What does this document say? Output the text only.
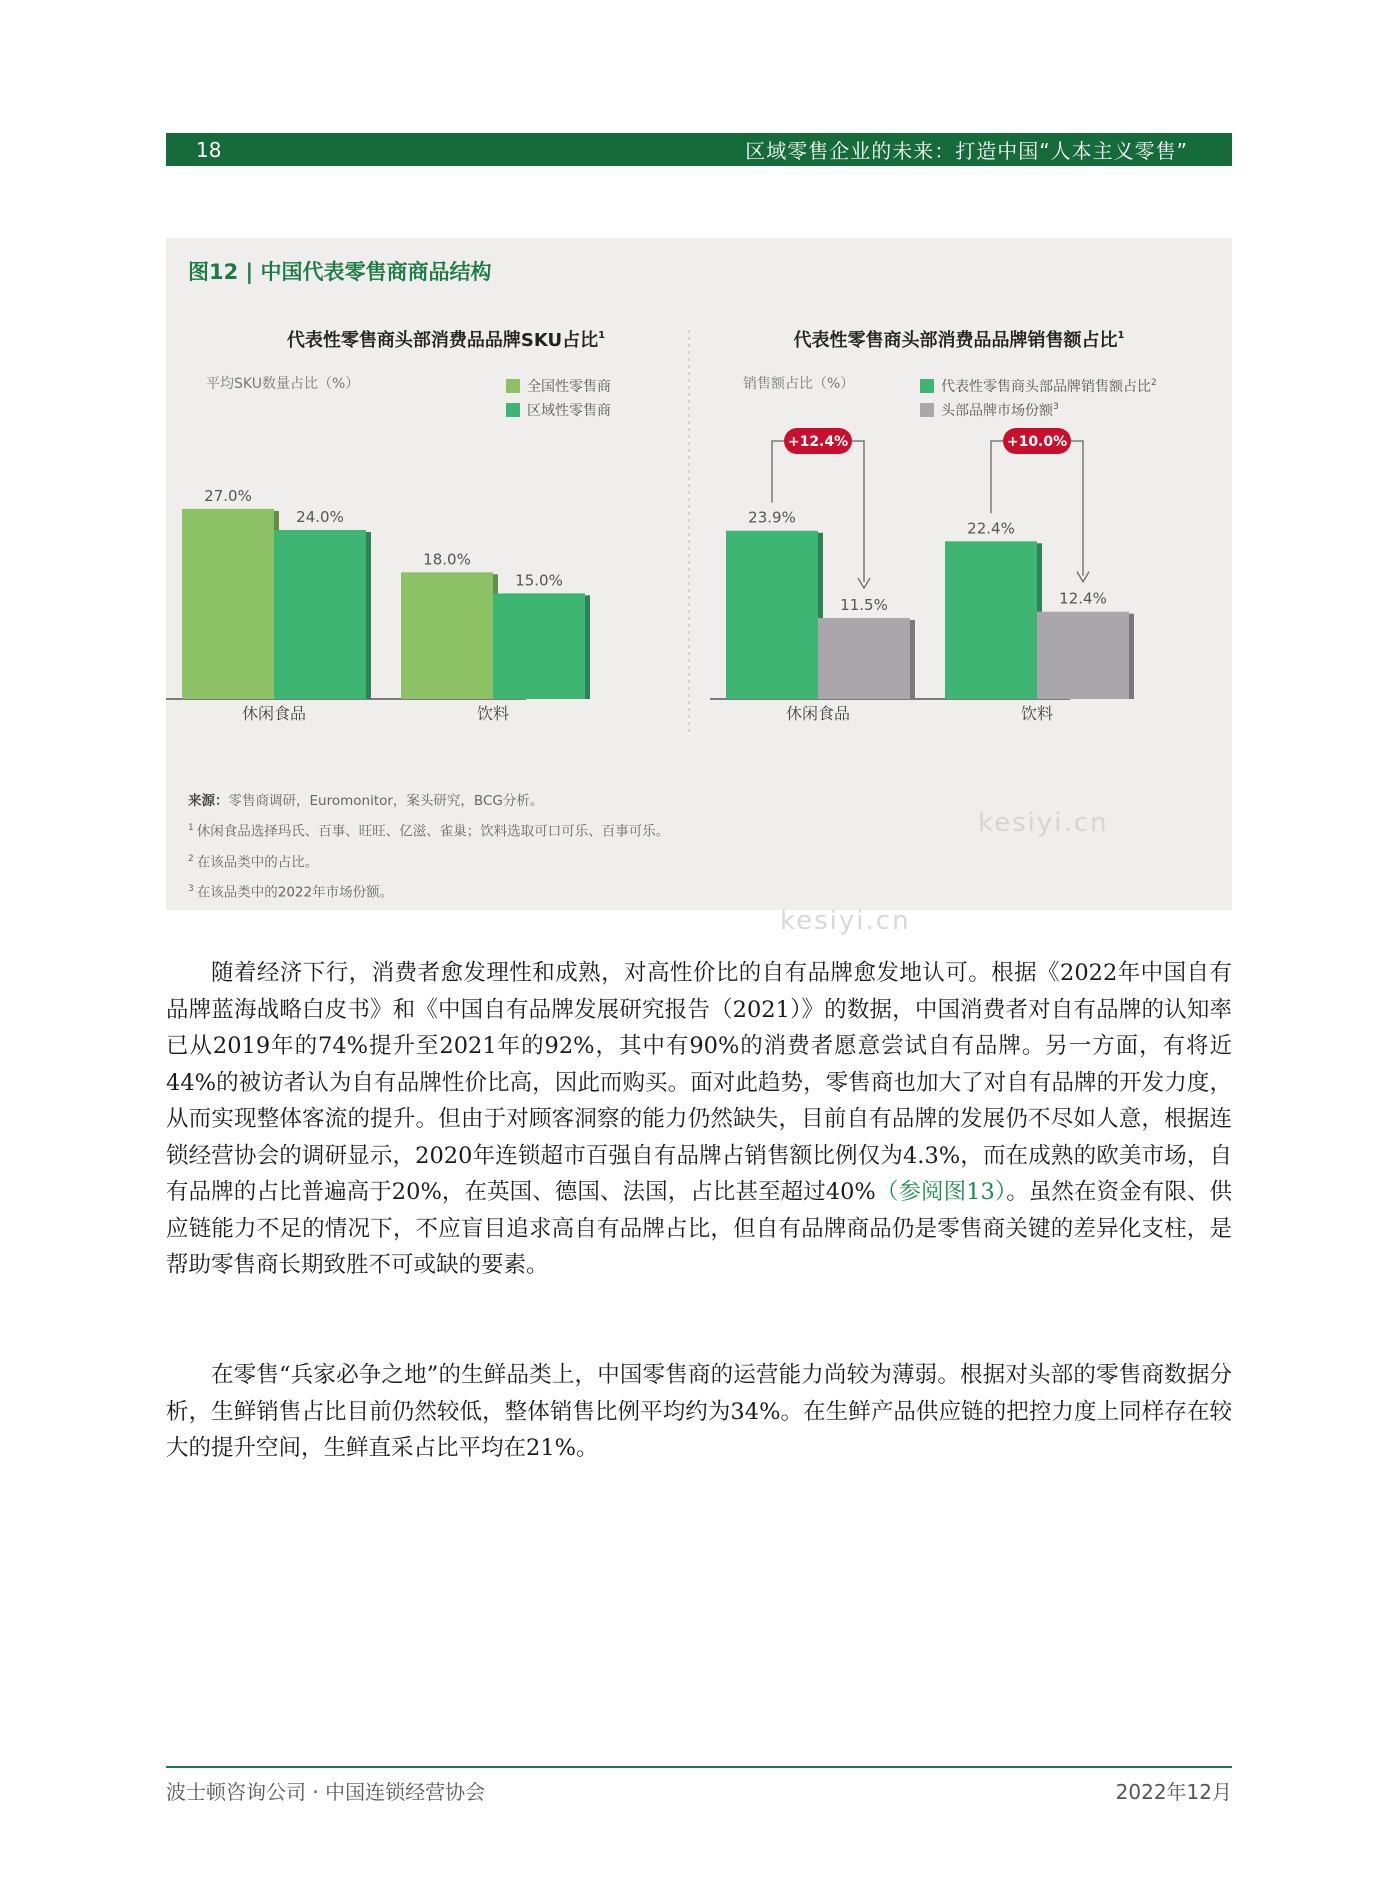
18	区域零售企业的未来：打造中国“人本主义零售”
图12 | 中国代表零售商商品结构
代表性零售商头部消费品品牌SKU占比$^1$
平均SKU数量占比（%）	全国性零售商
区域性零售商
27.0%
24.0%
休闲食品
18.0%
15.0%
饮料
代表性零售商头部消费品品牌销售额占比$^1$
销售额占比（%）	代表性零售商头部品牌销售额占比$^2$
头部品牌市场份额$^3$
23.9%
11.5%
休闲食品
22.4%
12.4%
饮料
+12.4%	+10.0%
来源：零售商调研，Euromonitor，案头研究，BCG分析。
$^1$ 休闲食品选择玛氏、百事、旺旺、亿滋、雀巢；饮料选取可口可乐、百事可乐。
$^2$ 在该品类中的占比。
$^3$ 在该品类中的2022年市场份额。
kesiyi.cn
kesiyi.cn

随着经济下行，消费者愈发理性和成熟，对高性价比的自有品牌愈发地认可。根据《2022年中国自有品牌蓝海战略白皮书》和《中国自有品牌发展研究报告（2021）》的数据，中国消费者对自有品牌的认知率已从2019年的74%提升至2021年的92%，其中有90%的消费者愿意尝试自有品牌。另一方面，有将近44%的被访者认为自有品牌性价比高，因此而购买。面对此趋势，零售商也加大了对自有品牌的开发力度，从而实现整体客流的提升。但由于对顾客洞察的能力仍然缺失，目前自有品牌的发展仍不尽如人意，根据连锁经营协会的调研显示，2020年连锁超市百强自有品牌占销售额比例仅为4.3%，而在成熟的欧美市场，自有品牌的占比普遍高于20%，在英国、德国、法国，占比甚至超过40%（参阅图13）。虽然在资金有限、供应链能力不足的情况下，不应盲目追求高自有品牌占比，但自有品牌商品仍是零售商关键的差异化支柱，是帮助零售商长期致胜不可或缺的要素。

在零售“兵家必争之地”的生鲜品类上，中国零售商的运营能力尚较为薄弱。根据对头部的零售商数据分析，生鲜销售占比目前仍然较低，整体销售比例平均约为34%。在生鲜产品供应链的把控力度上同样存在较大的提升空间，生鲜直采占比平均在21%。

波士顿咨询公司 · 中国连锁经营协会	2022年12月
